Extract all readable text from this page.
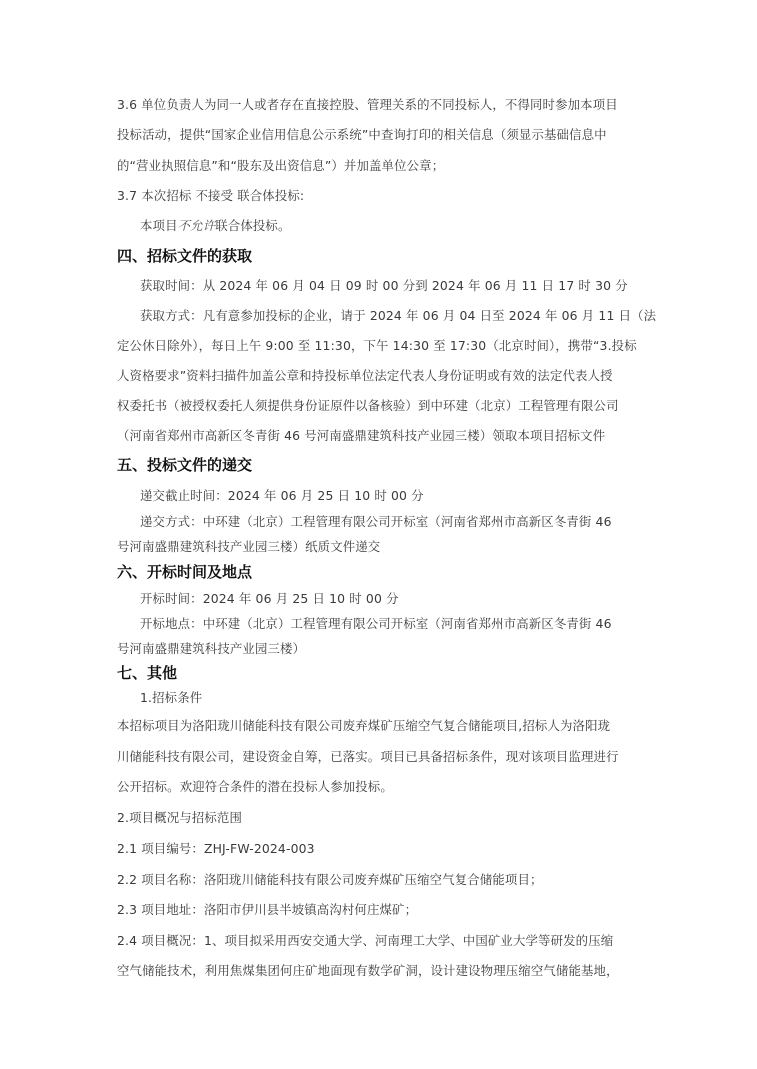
3.6 单位负责人为同一人或者存在直接控股、管理关系的不同投标人，不得同时参加本项目
投标活动，提供“国家企业信用信息公示系统”中查询打印的相关信息（须显示基础信息中
的“营业执照信息”和“股东及出资信息”）并加盖单位公章；
3.7 本次招标 不接受 联合体投标:
本项目不允许联合体投标。
四、招标文件的获取
获取时间：从 2024 年 06 月 04 日 09 时 00 分到 2024 年 06 月 11 日 17 时 30 分
获取方式：凡有意参加投标的企业，请于 2024 年 06 月 04 日至 2024 年 06 月 11 日（法
定公休日除外），每日上午 9:00 至 11:30，下午 14:30 至 17:30（北京时间），携带“3.投标
人资格要求”资料扫描件加盖公章和持投标单位法定代表人身份证明或有效的法定代表人授
权委托书（被授权委托人须提供身份证原件以备核验）到中环建（北京）工程管理有限公司
（河南省郑州市高新区冬青街 46 号河南盛鼎建筑科技产业园三楼）领取本项目招标文件
五、投标文件的递交
递交截止时间：2024 年 06 月 25 日 10 时 00 分
递交方式：中环建（北京）工程管理有限公司开标室（河南省郑州市高新区冬青街 46
号河南盛鼎建筑科技产业园三楼）纸质文件递交
六、开标时间及地点
开标时间：2024 年 06 月 25 日 10 时 00 分
开标地点：中环建（北京）工程管理有限公司开标室（河南省郑州市高新区冬青街 46
号河南盛鼎建筑科技产业园三楼）
七、其他
1.招标条件
本招标项目为洛阳珑川储能科技有限公司废弃煤矿压缩空气复合储能项目,招标人为洛阳珑
川储能科技有限公司，建设资金自筹，已落实。项目已具备招标条件，现对该项目监理进行
公开招标。欢迎符合条件的潜在投标人参加投标。
2.项目概况与招标范围
2.1 项目编号：ZHJ-FW-2024-003
2.2 项目名称：洛阳珑川储能科技有限公司废弃煤矿压缩空气复合储能项目；
2.3 项目地址：洛阳市伊川县半坡镇高沟村何庄煤矿；
2.4 项目概况：1、项目拟采用西安交通大学、河南理工大学、中国矿业大学等研发的压缩
空气储能技术，利用焦煤集团何庄矿地面现有数学矿洞，设计建设物理压缩空气储能基地，
